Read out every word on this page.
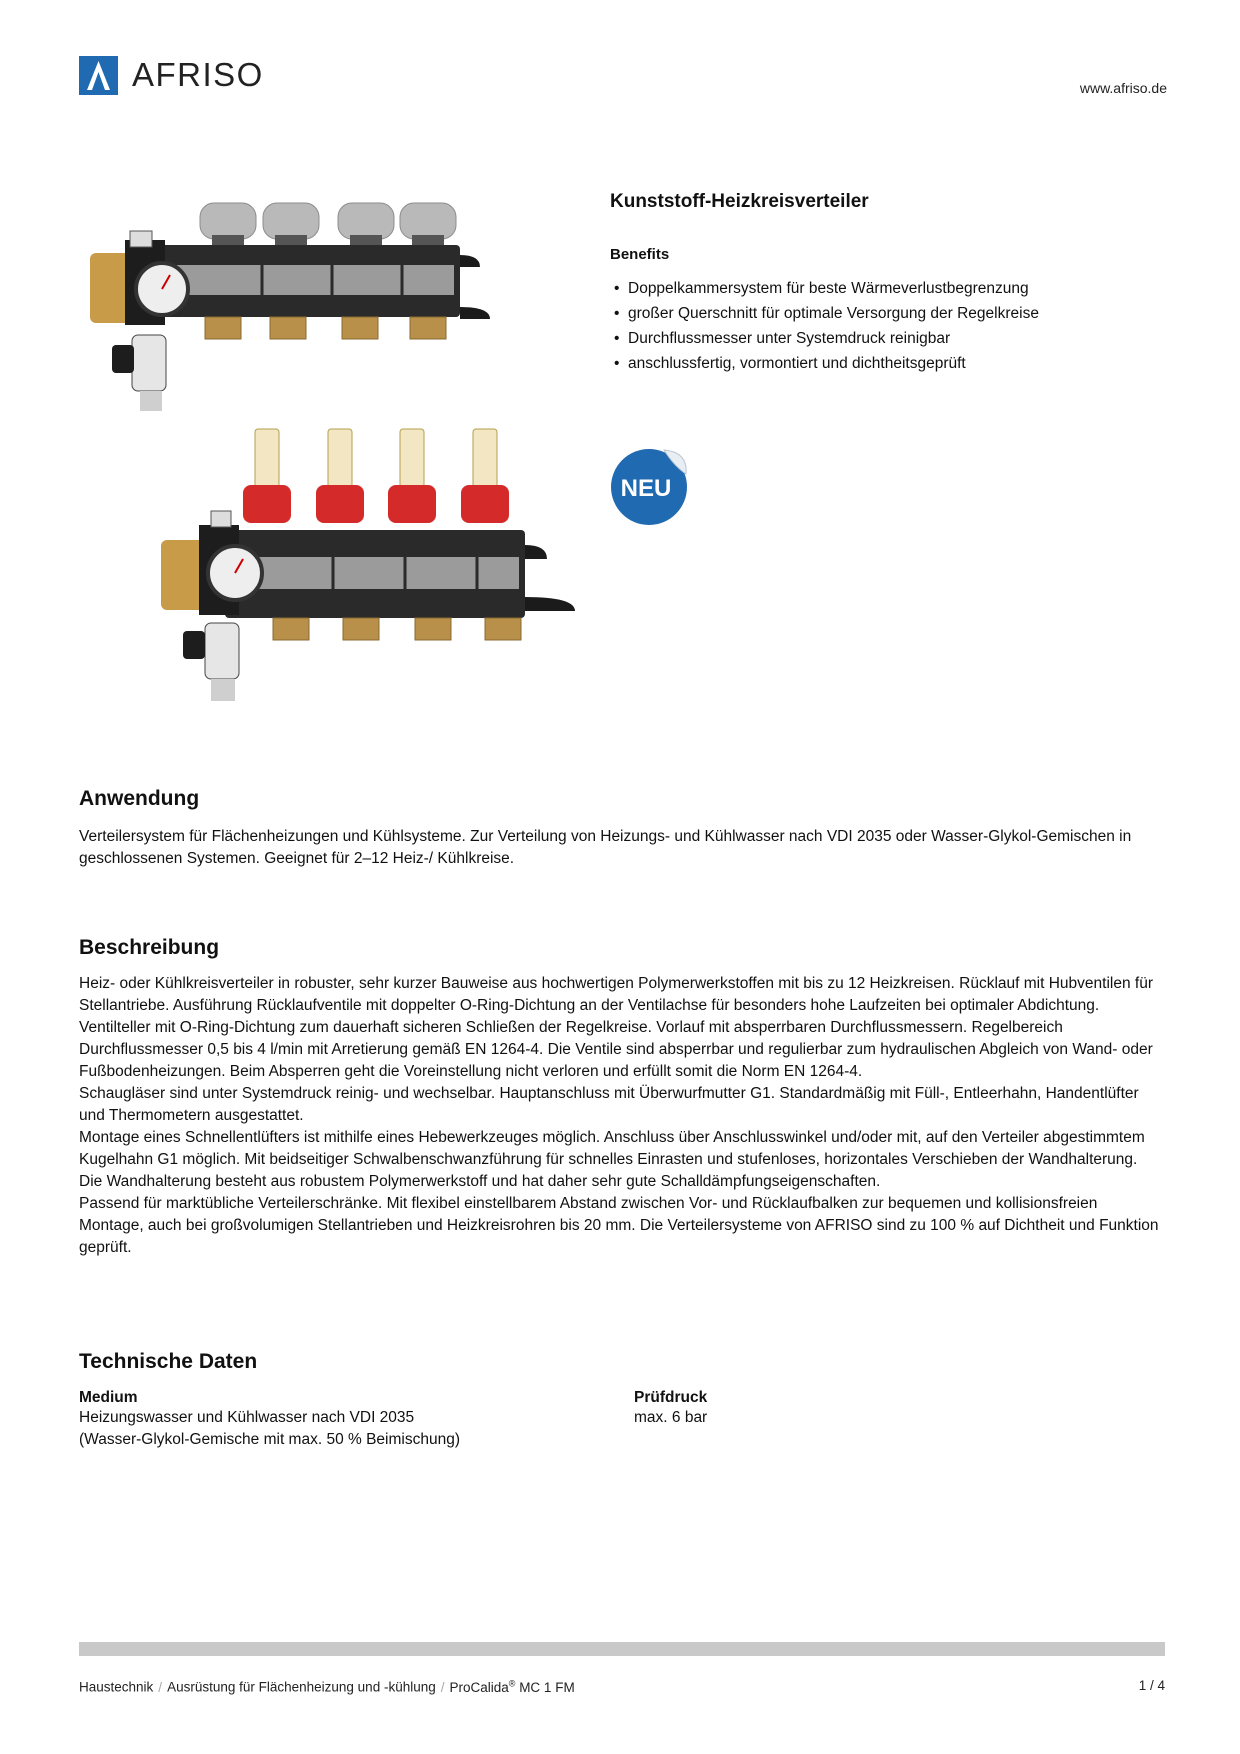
AFRISO	www.afriso.de
Kunststoff-Heizkreisverteiler
Benefits
• Doppelkammersystem für beste Wärmeverlustbegrenzung
• großer Querschnitt für optimale Versorgung der Regelkreise
• Durchflussmesser unter Systemdruck reinigbar
• anschlussfertig, vormontiert und dichtheitsgeprüft
NEU
Anwendung
Verteilersystem für Flächenheizungen und Kühlsysteme. Zur Verteilung von Heizungs- und Kühlwasser nach VDI 2035 oder Wasser-Glykol-Gemischen in geschlossenen Systemen. Geeignet für 2–12 Heiz-/ Kühlkreise.
Beschreibung

Heiz- oder Kühlkreisverteiler in robuster, sehr kurzer Bauweise aus hochwertigen Polymerwerkstoffen mit bis zu 12 Heizkreisen. Rücklauf mit Hubventilen für Stellantriebe. Ausführung Rücklaufventile mit doppelter O-Ring-Dichtung an der Ventilachse für besonders hohe Laufzeiten bei optimaler Abdichtung. Ventilteller mit O-Ring-Dichtung zum dauerhaft sicheren Schließen der Regelkreise. Vorlauf mit absperrbaren Durchflussmessern. Regelbereich Durchflussmesser 0,5 bis 4 l/min mit Arretierung gemäß EN 1264-4. Die Ventile sind absperrbar und regulierbar zum hydraulischen Abgleich von Wand- oder Fußbodenheizungen. Beim Absperren geht die Voreinstellung nicht verloren und erfüllt somit die Norm EN 1264-4.

Schaugläser sind unter Systemdruck reinig- und wechselbar. Hauptanschluss mit Überwurfmutter G1. Standardmäßig mit Füll-, Entleerhahn, Handentlüfter und Thermometern ausgestattet.

Montage eines Schnellentlüfters ist mithilfe eines Hebewerkzeuges möglich. Anschluss über Anschlusswinkel und/oder mit, auf den Verteiler abgestimmtem Kugelhahn G1 möglich. Mit beidseitiger Schwalbenschwanzführung für schnelles Einrasten und stufenloses, horizontales Verschieben der Wandhalterung.

Die Wandhalterung besteht aus robustem Polymerwerkstoff und hat daher sehr gute Schalldämpfungseigenschaften.

Passend für marktübliche Verteilerschränke. Mit flexibel einstellbarem Abstand zwischen Vor- und Rücklaufbalken zur bequemen und kollisionsfreien Montage, auch bei großvolumigen Stellantrieben und Heizkreisrohren bis 20 mm. Die Verteilersysteme von AFRISO sind zu 100 % auf Dichtheit und Funktion geprüft.

Technische Daten
Medium
Heizungswasser und Kühlwasser nach VDI 2035
(Wasser-Glykol-Gemische mit max. 50 % Beimischung)
Prüfdruck
max. 6 bar
Haustechnik / Ausrüstung für Flächenheizung und -kühlung / ProCalida® MC 1 FM	1 / 4
